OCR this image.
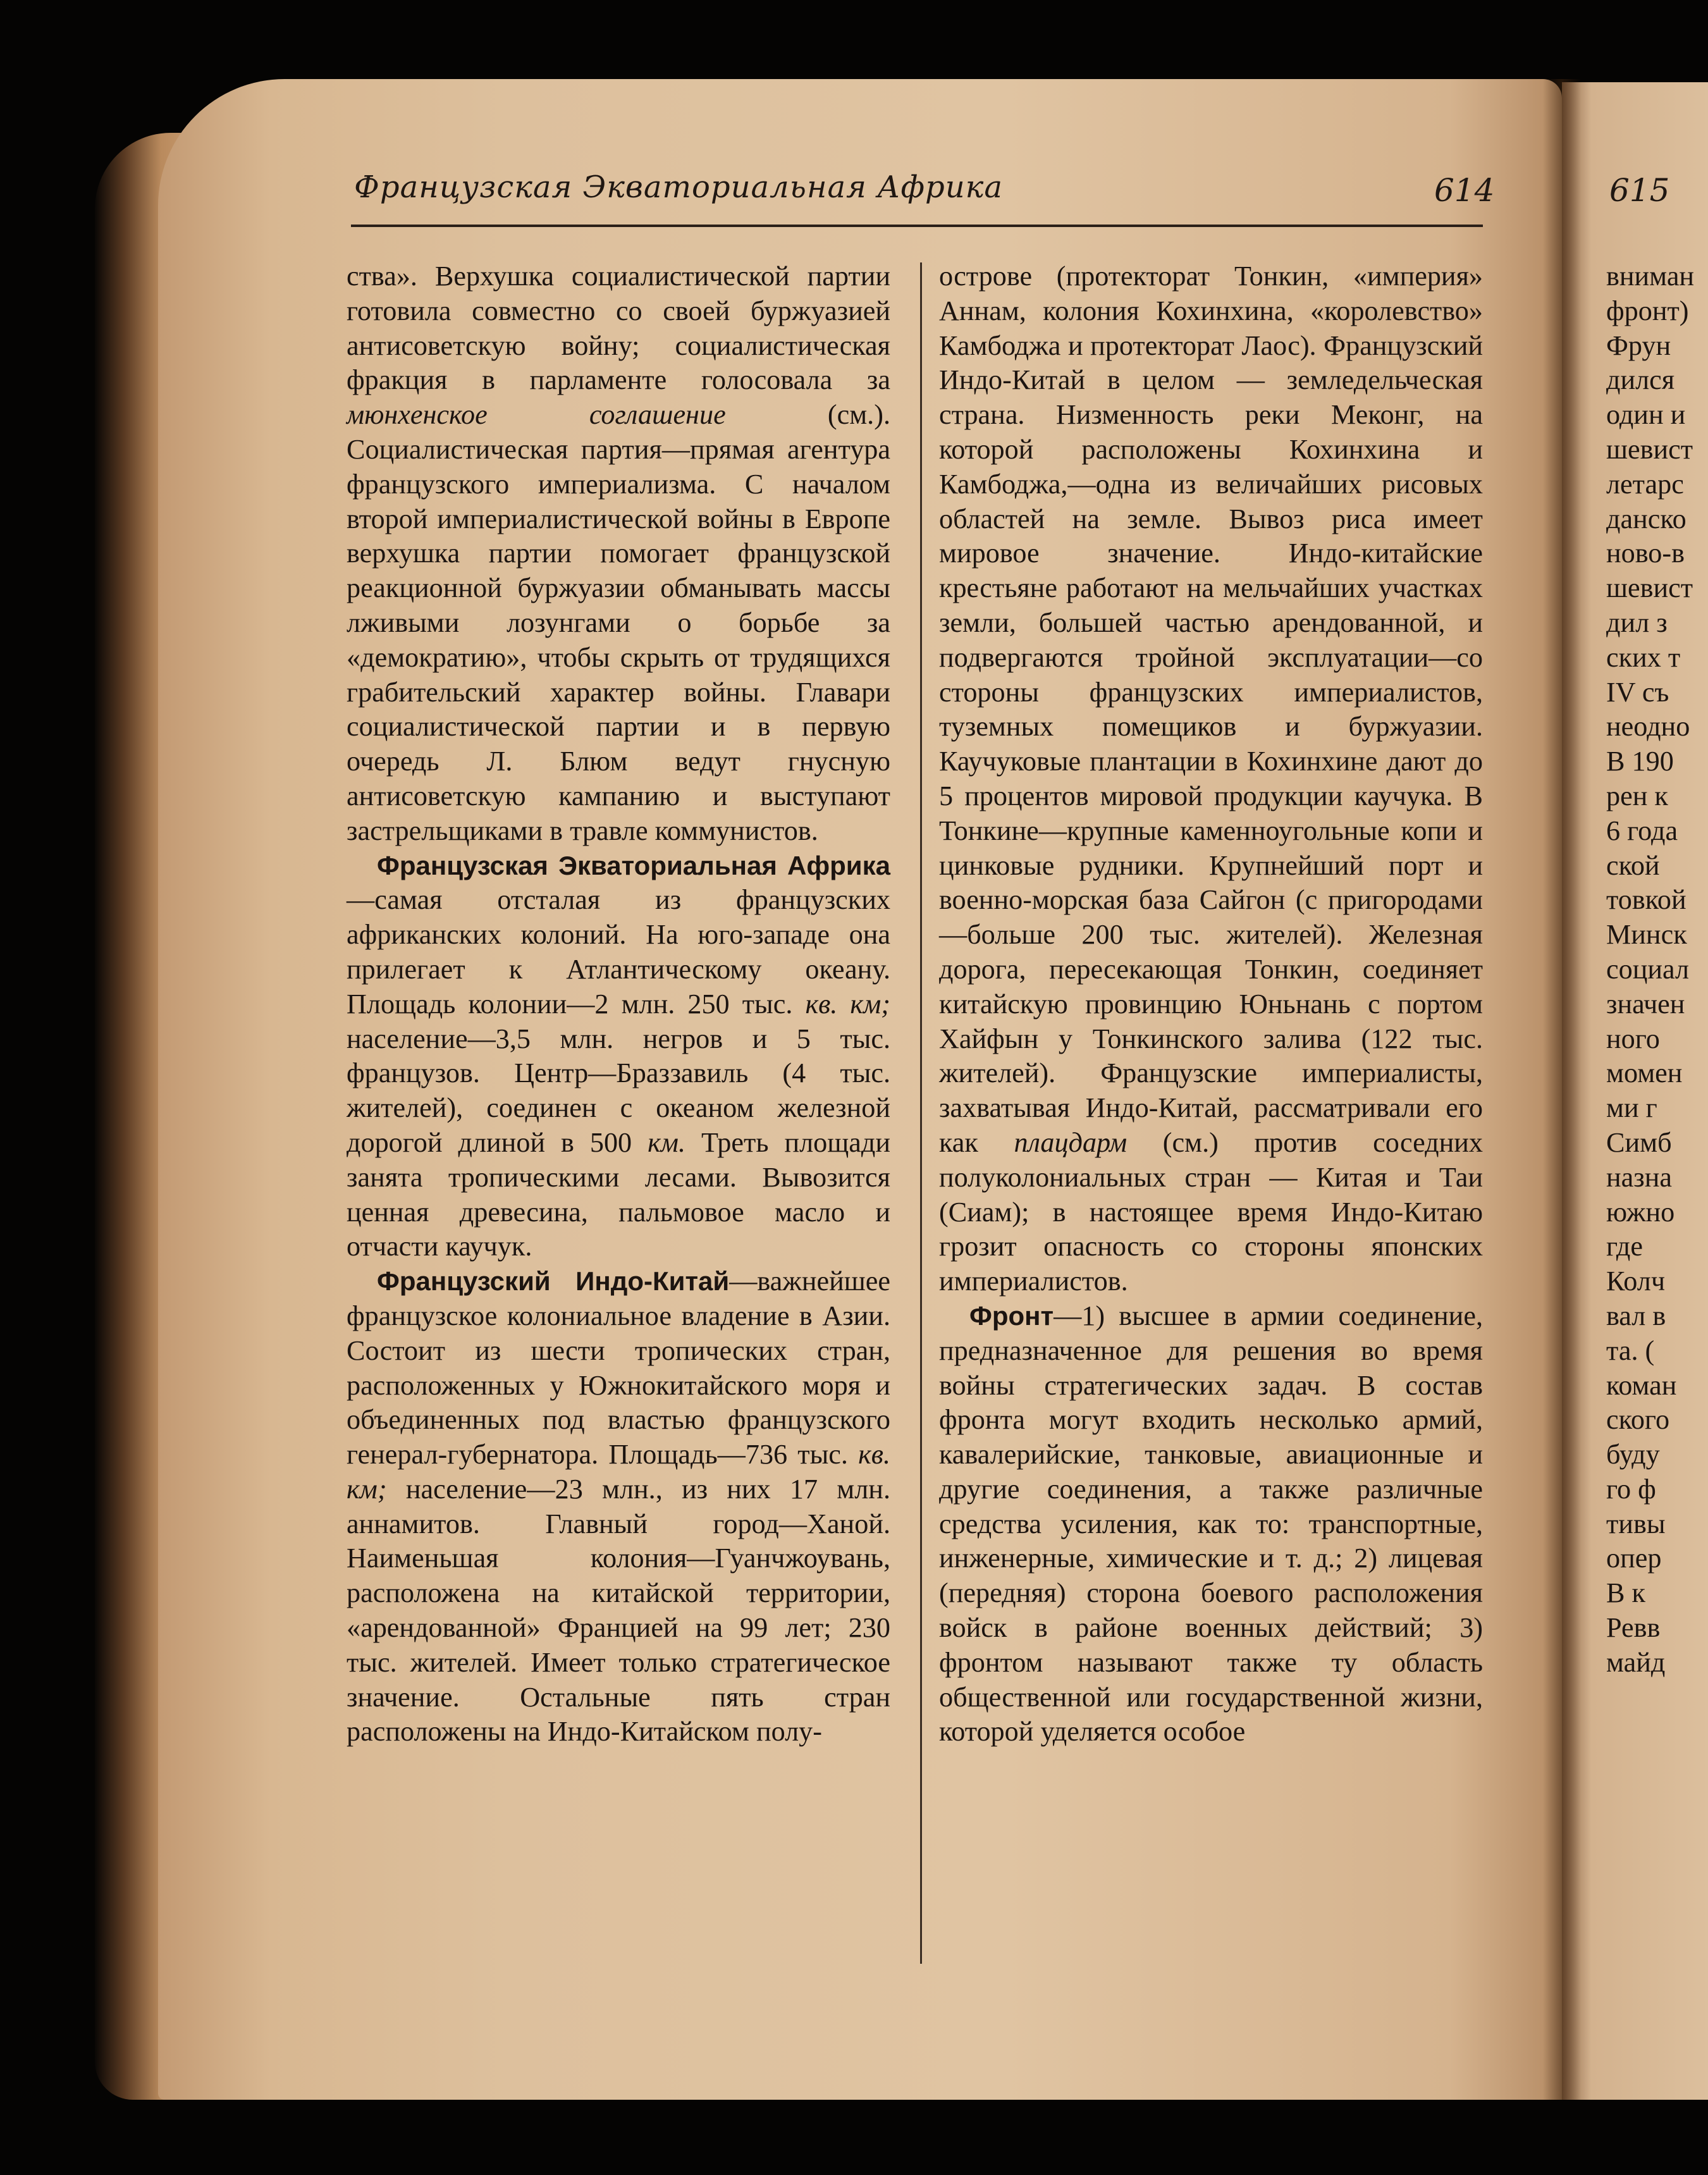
Французская Экваториальная Африка	614	615

ства». Верхушка социалистической партии готовила совместно со своей буржуазией антисоветскую войну; социалистическая фракция в парламенте голосовала за мюнхенское соглашение	(см.). Социалистическая партия—прямая агентура французского империализма. С началом второй империалистической войны в Европе верхушка партии помогает французской реакционной буржуазии обманывать массы лживыми лозунгами о борьбе за «демократию», чтобы скрыть от трудящихся грабительский характер войны. Главари социалистической партии и в первую очередь Л. Блюм ведут гнусную антисоветскую кампанию и выступают застрельщиками в травле коммунистов.

Французская Экваториальная Африка—самая отсталая из французских африканских колоний. На юго-западе она прилегает к Атлантическому океану. Площадь колонии—2 млн. 250 тыс. кв. км; население—3,5 млн. негров и 5 тыс. французов. Центр—Браззавиль (4 тыс. жителей), соединен с океаном железной дорогой длиной в 500 км. Треть площади занята тропическими лесами. Вывозится ценная древесина, пальмовое масло и отчасти каучук.

Французский Индо-Китай—важнейшее французское колониальное владение в Азии. Состоит из шести тропических стран, расположенных у Южнокитайского моря и объединенных под властью французского генерал-губернатора. Площадь—736 тыс. кв. км; население—23 млн., из них 17 млн. аннамитов. Главный город—Ханой. Наименьшая колония—Гуанчжоувань, расположена на китайской территории, «арендованной» Францией на 99 лет; 230 тыс. жителей. Имеет только стратегическое значение. Остальные пять стран расположены на Индо-Китайском полу-

острове (протекторат Тонкин, «империя» Аннам, колония Кохинхина, «королевство» Камбоджа и протекторат Лаос). Французский Индо-Китай в целом — земледельческая страна. Низменность реки Меконг, на которой расположены Кохинхина и Камбоджа,—одна из величайших рисовых областей на земле. Вывоз риса имеет мировое значение. Индо-китайские крестьяне работают на мельчайших участках земли, большей частью арендованной, и подвергаются тройной эксплуатации—со стороны французских империалистов, туземных помещиков и буржуазии. Каучуковые плантации в Кохинхине дают до 5 процентов мировой продукции каучука. В Тонкине—крупные каменноугольные копи и цинковые рудники. Крупнейший порт и военно-морская база Сайгон (с пригородами—больше 200 тыс. жителей). Железная дорога, пересекающая Тонкин, соединяет китайскую провинцию Юньнань с портом Хайфын у Тонкинского залива (122 тыс. жителей). Французские империалисты, захватывая Индо-Китай, рассматривали его как плацдарм (см.) против соседних полуколониальных стран — Китая и Таи (Сиам); в настоящее время Индо-Китаю грозит опасность со стороны японских империалистов.

Фронт—1) высшее в армии соединение, предназначенное для решения во время войны стратегических задач. В состав фронта могут входить несколько армий, кавалерийские, танковые, авиационные и другие соединения, а также различные средства усиления, как то: транспортные, инженерные, химические и т. д.; 2) лицевая (передняя) сторона боевого расположения войск в районе военных действий; 3) фронтом называют также ту область общественной или государственной жизни, которой уделяется особое

вниман
фронт)
Фрун
дился
один и
шевист
летарс
данско
ново-в
шевист
дил з
ских т
IV съ
неодно
В 190
рен к
6 года
ской
товкой
Минск
социал
значен
ного
момен
ми г
Симб
назна
южно
где
Колч
вал в
та. (
коман
ского
буду
го ф
тивы
опер
В к
Ревв
майд
